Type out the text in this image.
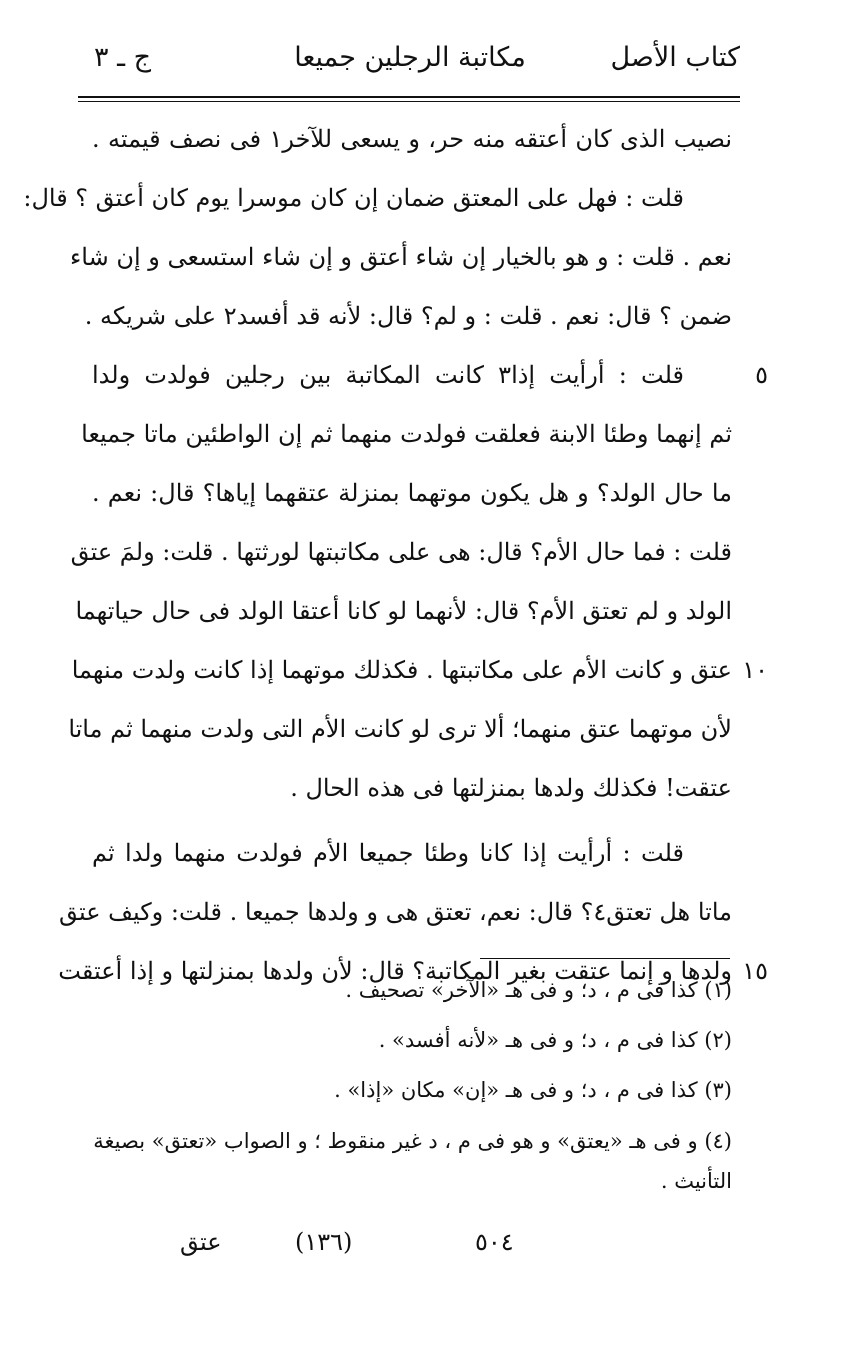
كتاب الأصل
مكاتبة الرجلين جميعا
ج ـ ٣
نصيب الذى كان أعتقه منه حر، و يسعى للآخر١ فى نصف قيمته .
قلت : فهل على المعتق ضمان إن كان موسرا يوم كان أعتق ؟ قال:
نعم . قلت : و هو بالخيار إن شاء أعتق و إن شاء استسعى و إن شاء
ضمن ؟ قال: نعم . قلت : و لم؟ قال: لأنه قد أفسد٢ على شريكه .
قلت : أرأيت إذا٣ كانت المكاتبة بين رجلين فولدت ولدا	٥
ثم إنهما وطئا الابنة فعلقت فولدت منهما ثم إن الواطئين ماتا جميعا
ما حال الولد؟ و هل يكون موتهما بمنزلة عتقهما إياها؟ قال: نعم .
قلت : فما حال الأم؟ قال: هى على مكاتبتها لورثتها . قلت: ولمَ عتق
الولد و لم تعتق الأم؟ قال: لأنهما لو كانا أعتقا الولد فى حال حياتهما
عتق و كانت الأم على مكاتبتها . فكذلك موتهما إذا كانت ولدت منهما ١٠
لأن موتهما عتق منهما؛ ألا ترى لو كانت الأم التى ولدت منهما ثم ماتا
عتقت! فكذلك ولدها بمنزلتها فى هذه الحال .
قلت : أرأيت إذا كانا وطئا جميعا الأم فولدت منهما ولدا ثم
ماتا هل تعتق٤؟ قال: نعم، تعتق هى و ولدها جميعا . قلت: وكيف عتق
ولدها و إنما عتقت بغير المكاتبة؟ قال: لأن ولدها بمنزلتها و إذا أعتقت ١٥
(١) كذا فى م ، د؛ و فى هـ «الآخر» تصحيف .
(٢) كذا فى م ، د؛ و فى هـ «لأنه أفسد» .
(٣) كذا فى م ، د؛ و فى هـ «إن» مكان «إذا» .
(٤) و فى هـ «يعتق» و هو فى م ، د غير منقوط ؛ و الصواب «تعتق» بصيغة التأنيث .
٥٠٤
(١٣٦)
عتق
